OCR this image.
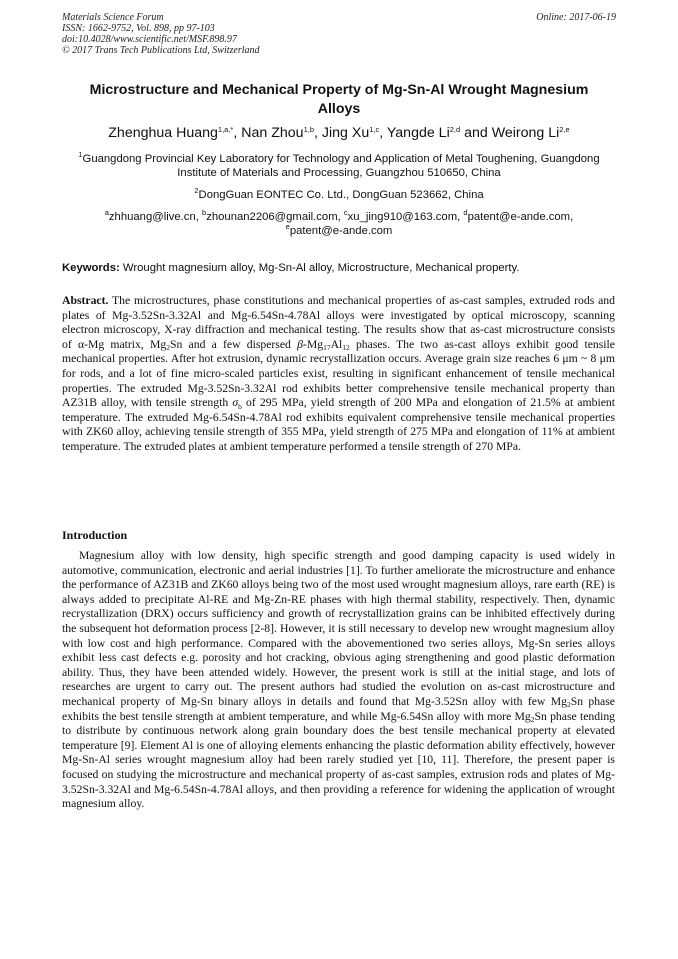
Materials Science Forum
ISSN: 1662-9752, Vol. 898, pp 97-103
doi:10.4028/www.scientific.net/MSF.898.97
© 2017 Trans Tech Publications Ltd, Switzerland
Online: 2017-06-19
Microstructure and Mechanical Property of Mg-Sn-Al Wrought Magnesium Alloys
Zhenghua Huang$^{1,a,*}$, Nan Zhou$^{1,b}$, Jing Xu$^{1,c}$, Yangde Li$^{2,d}$ and Weirong Li$^{2,e}$
$^1$Guangdong Provincial Key Laboratory for Technology and Application of Metal Toughening, Guangdong Institute of Materials and Processing, Guangzhou 510650, China
$^2$DongGuan EONTEC Co. Ltd., DongGuan 523662, China
$^a$zhhuang@live.cn, $^b$zhounan2206@gmail.com, $^c$xu_jing910@163.com, $^d$patent@e-ande.com,
$^e$patent@e-ande.com
Keywords: Wrought magnesium alloy, Mg-Sn-Al alloy, Microstructure, Mechanical property.

Abstract. The microstructures, phase constitutions and mechanical properties of as-cast samples, extruded rods and plates of Mg-3.52Sn-3.32Al and Mg-6.54Sn-4.78Al alloys were investigated by optical microscopy, scanning electron microscopy, X-ray diffraction and mechanical testing. The results show that as-cast microstructure consists of α-Mg matrix, $Mg_2Sn$ and a few dispersed $\beta-Mg_{17}Al_{12}$ phases. The two as-cast alloys exhibit good tensile mechanical properties. After hot extrusion, dynamic recrystallization occurs. Average grain size reaches 6 μm ~ 8 μm for rods, and a lot of fine micro-scaled particles exist, resulting in significant enhancement of tensile mechanical properties. The extruded Mg-3.52Sn-3.32Al rod exhibits better comprehensive tensile mechanical property than AZ31B alloy, with tensile strength $\sigma_b$ of 295 MPa, yield strength of 200 MPa and elongation of 21.5% at ambient temperature. The extruded Mg-6.54Sn-4.78Al rod exhibits equivalent comprehensive tensile mechanical properties with ZK60 alloy, achieving tensile strength of 355 MPa, yield strength of 275 MPa and elongation of 11% at ambient temperature. The extruded plates at ambient temperature performed a tensile strength of 270 MPa.

Introduction

Magnesium alloy with low density, high specific strength and good damping capacity is used widely in automotive, communication, electronic and aerial industries [1]. To further ameliorate the microstructure and enhance the performance of AZ31B and ZK60 alloys being two of the most used wrought magnesium alloys, rare earth (RE) is always added to precipitate Al-RE and Mg-Zn-RE phases with high thermal stability, respectively. Then, dynamic recrystallization (DRX) occurs sufficiency and growth of recrystallization grains can be inhibited effectively during the subsequent hot deformation process [2-8]. However, it is still necessary to develop new wrought magnesium alloy with low cost and high performance. Compared with the abovementioned two series alloys, Mg-Sn series alloys exhibit less cast defects e.g. porosity and hot cracking, obvious aging strengthening and good plastic deformation ability. Thus, they have been attended widely. However, the present work is still at the initial stage, and lots of researches are urgent to carry out. The present authors had studied the evolution on as-cast microstructure and mechanical property of Mg-Sn binary alloys in details and found that Mg-3.52Sn alloy with few $Mg_2Sn$ phase exhibits the best tensile strength at ambient temperature, and while Mg-6.54Sn alloy with more $Mg_2Sn$ phase tending to distribute by continuous network along grain boundary does the best tensile mechanical property at elevated temperature [9]. Element Al is one of alloying elements enhancing the plastic deformation ability effectively, however Mg-Sn-Al series wrought magnesium alloy had been rarely studied yet [10, 11]. Therefore, the present paper is focused on studying the microstructure and mechanical property of as-cast samples, extrusion rods and plates of Mg-3.52Sn-3.32Al and Mg-6.54Sn-4.78Al alloys, and then providing a reference for widening the application of wrought magnesium alloy.
